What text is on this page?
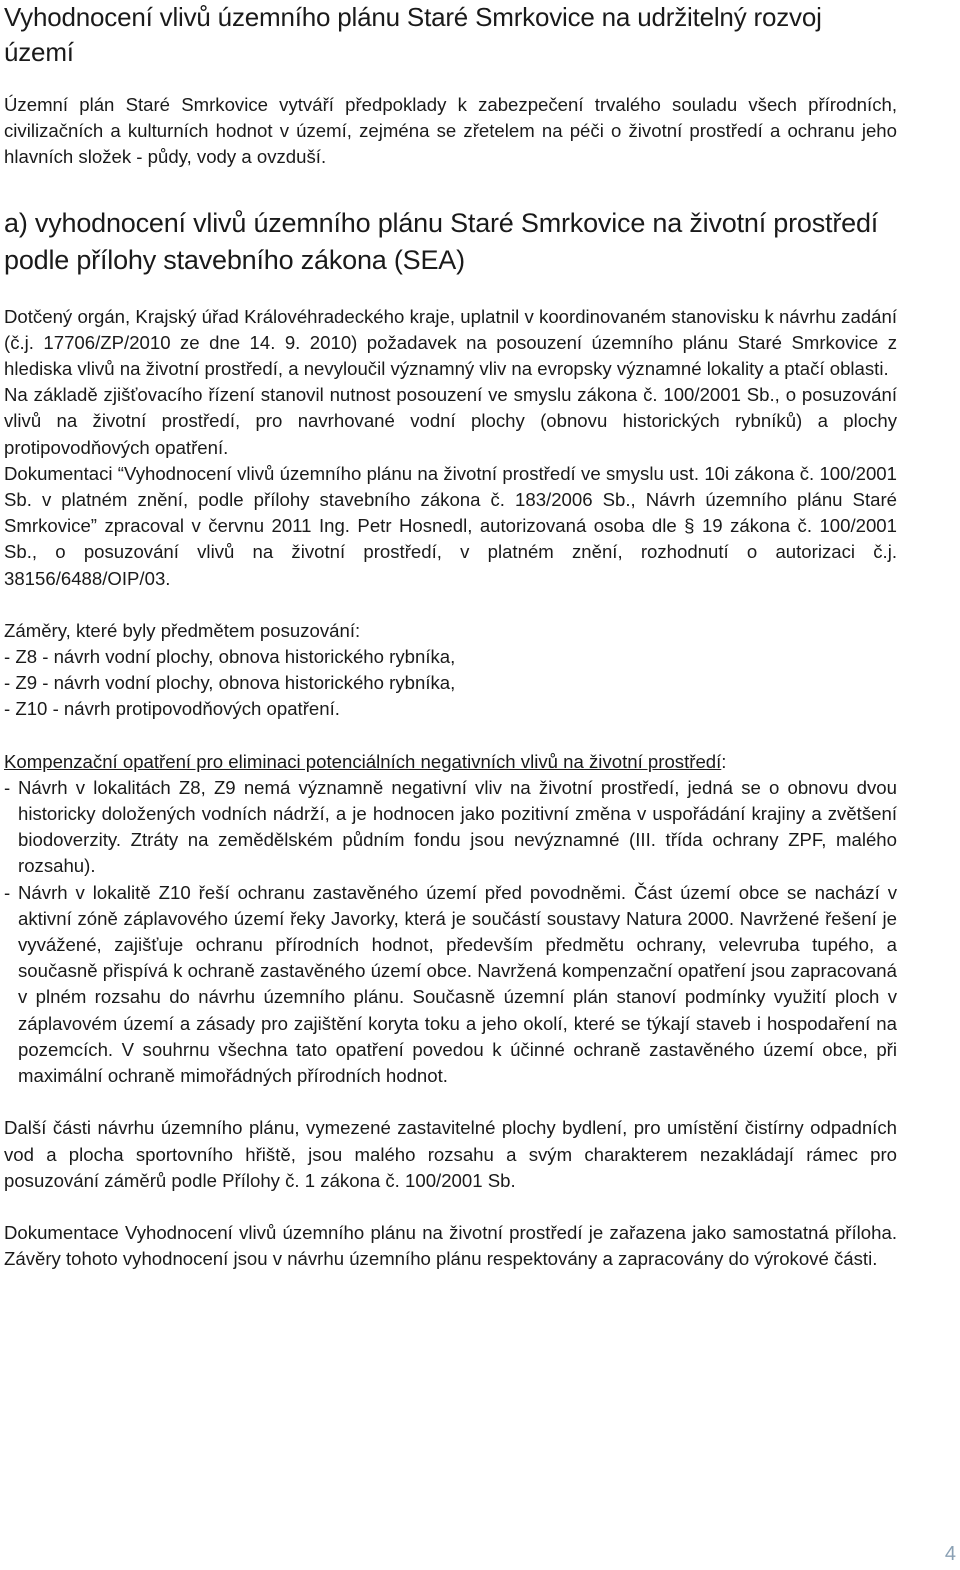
Vyhodnocení vlivů územního plánu Staré Smrkovice na udržitelný rozvoj území

Územní plán Staré Smrkovice vytváří předpoklady k zabezpečení trvalého souladu všech přírodních, civilizačních a kulturních hodnot v území, zejména se zřetelem na péči o životní prostředí a ochranu jeho hlavních složek - půdy, vody a ovzduší.

a) vyhodnocení vlivů územního plánu Staré Smrkovice na životní prostředí podle přílohy stavebního zákona (SEA)

Dotčený orgán, Krajský úřad Královéhradeckého kraje, uplatnil v koordinovaném stanovisku k návrhu zadání (č.j. 17706/ZP/2010 ze dne 14. 9. 2010) požadavek na posouzení územního plánu Staré Smrkovice z hlediska vlivů na životní prostředí, a nevyloučil významný vliv na evropsky významné lokality a ptačí oblasti.

Na základě zjišťovacího řízení stanovil nutnost posouzení ve smyslu zákona č. 100/2001 Sb., o posuzování vlivů na životní prostředí, pro navrhované vodní plochy (obnovu historických rybníků) a plochy protipovodňových opatření.

Dokumentaci “Vyhodnocení vlivů územního plánu na životní prostředí ve smyslu ust. 10i zákona č. 100/2001 Sb. v platném znění, podle přílohy stavebního zákona č. 183/2006 Sb., Návrh územního plánu Staré Smrkovice” zpracoval v červnu 2011 Ing. Petr Hosnedl, autorizovaná osoba dle § 19 zákona č. 100/2001 Sb., o posuzování vlivů na životní prostředí, v platném znění, rozhodnutí o autorizaci č.j. 38156/6488/OIP/03.

Záměry, které byly předmětem posuzování:

- Z8 - návrh vodní plochy, obnova historického rybníka,
- Z9 - návrh vodní plochy, obnova historického rybníka,
- Z10 - návrh protipovodňových opatření.

Kompenzační opatření pro eliminaci potenciálních negativních vlivů na životní prostředí:

- Návrh v lokalitách Z8, Z9 nemá významně negativní vliv na životní prostředí, jedná se o obnovu dvou historicky doložených vodních nádrží, a je hodnocen jako pozitivní změna v uspořádání krajiny a zvětšení biodoverzity. Ztráty na zemědělském půdním fondu jsou nevýznamné (III. třída ochrany ZPF, malého rozsahu).
- Návrh v lokalitě Z10 řeší ochranu zastavěného území před povodněmi. Část území obce se nachází v aktivní zóně záplavového území řeky Javorky, která je součástí soustavy Natura 2000. Navržené řešení je vyvážené, zajišťuje ochranu přírodních hodnot, především předmětu ochrany, velevruba tupého, a současně přispívá k ochraně zastavěného území obce. Navržená kompenzační opatření jsou zapracovaná v plném rozsahu do návrhu územního plánu. Současně územní plán stanoví podmínky využití ploch v záplavovém území a zásady pro zajištění koryta toku a jeho okolí, které se týkají staveb i hospodaření na pozemcích. V souhrnu všechna tato opatření povedou k účinné ochraně zastavěného území obce, při maximální ochraně mimořádných přírodních hodnot.

Další části návrhu územního plánu, vymezené zastavitelné plochy bydlení, pro umístění čistírny odpadních vod a plocha sportovního hřiště, jsou malého rozsahu a svým charakterem nezakládají rámec pro posuzování záměrů podle Přílohy č. 1 zákona č. 100/2001 Sb.

Dokumentace Vyhodnocení vlivů územního plánu na životní prostředí je zařazena jako samostatná příloha. Závěry tohoto vyhodnocení jsou v návrhu územního plánu respektovány a zapracovány do výrokové části.

4
